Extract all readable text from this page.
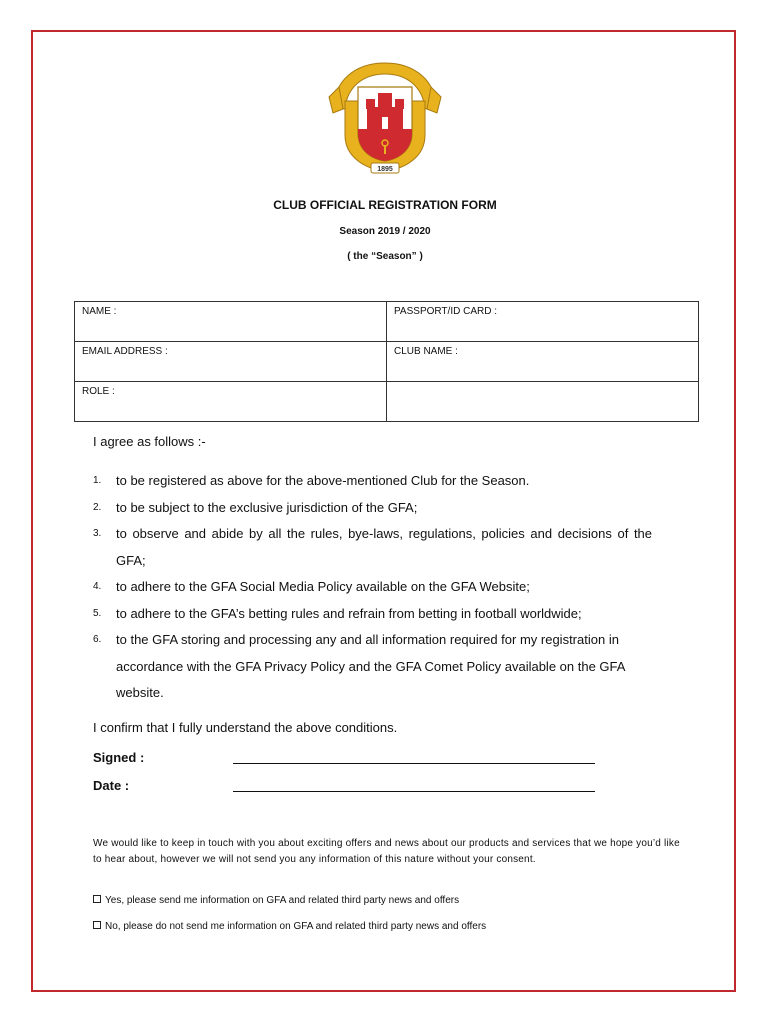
1895
CLUB OFFICIAL REGISTRATION FORM
Season 2019 / 2020
( the “Season” )
NAME :	PASSPORT/ID CARD :
EMAIL ADDRESS :	CLUB NAME :
ROLE :	
I agree as follows :-
1. to be registered as above for the above-mentioned Club for the Season.
2. to be subject to the exclusive jurisdiction of the GFA;
3. to observe and abide by all the rules, bye-laws, regulations, policies and decisions of the GFA;
4. to adhere to the GFA Social Media Policy available on the GFA Website;
5. to adhere to the GFA’s betting rules and refrain from betting in football worldwide;
6. to the GFA storing and processing any and all information required for my registration in accordance with the GFA Privacy Policy and the GFA Comet Policy available on the GFA website.
I confirm that I fully understand the above conditions.
Signed :
Date :
We would like to keep in touch with you about exciting offers and news about our products and services that we hope you’d like to hear about, however we will not send you any information of this nature without your consent.
Yes, please send me information on GFA and related third party news and offers
No, please do not send me information on GFA and related third party news and offers
